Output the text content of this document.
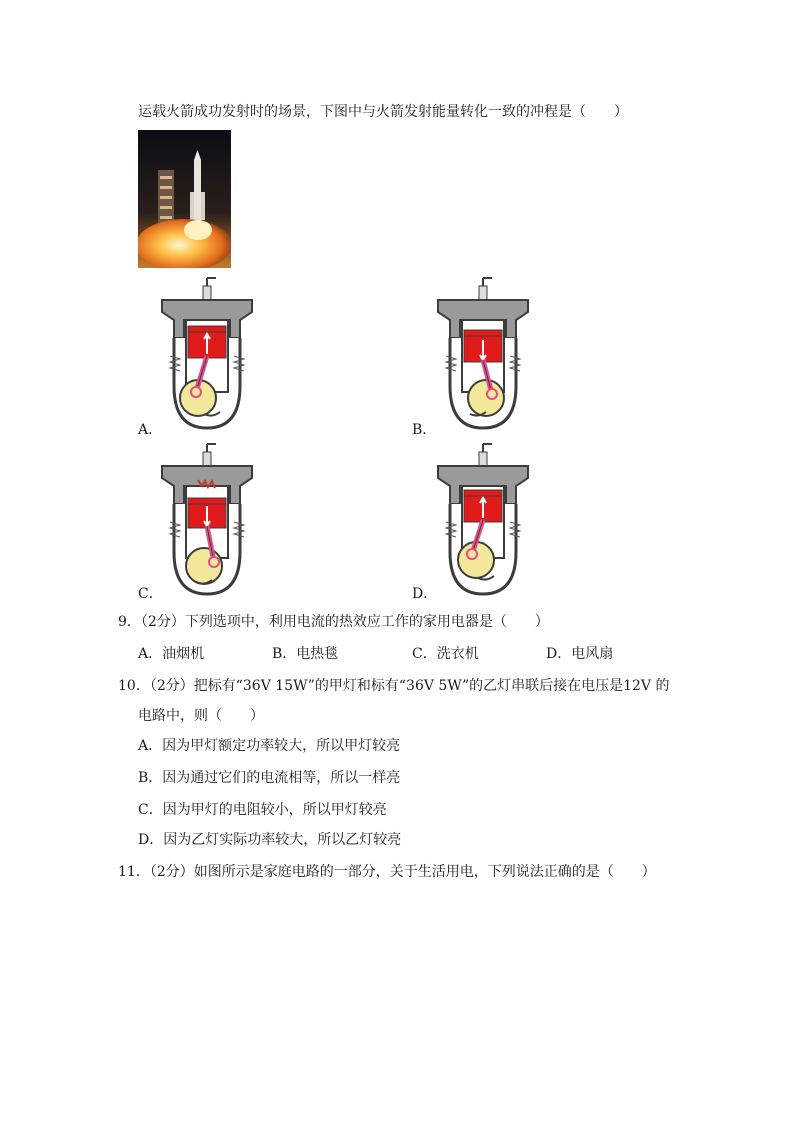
运载火箭成功发射时的场景，下图中与火箭发射能量转化一致的冲程是（　　）
A．	B．
C．	D．
9．（2分）下列选项中，利用电流的热效应工作的家用电器是（　　）
A．油烟机	B．电热毯	C．洗衣机	D．电风扇
10．（2分）把标有“36V 15W”的甲灯和标有“36V 5W”的乙灯串联后接在电压是12V 的
电路中，则（　　）
A．因为甲灯额定功率较大，所以甲灯较亮
B．因为通过它们的电流相等，所以一样亮
C．因为甲灯的电阻较小，所以甲灯较亮
D．因为乙灯实际功率较大，所以乙灯较亮
11．（2分）如图所示是家庭电路的一部分，关于生活用电，下列说法正确的是（　　）
